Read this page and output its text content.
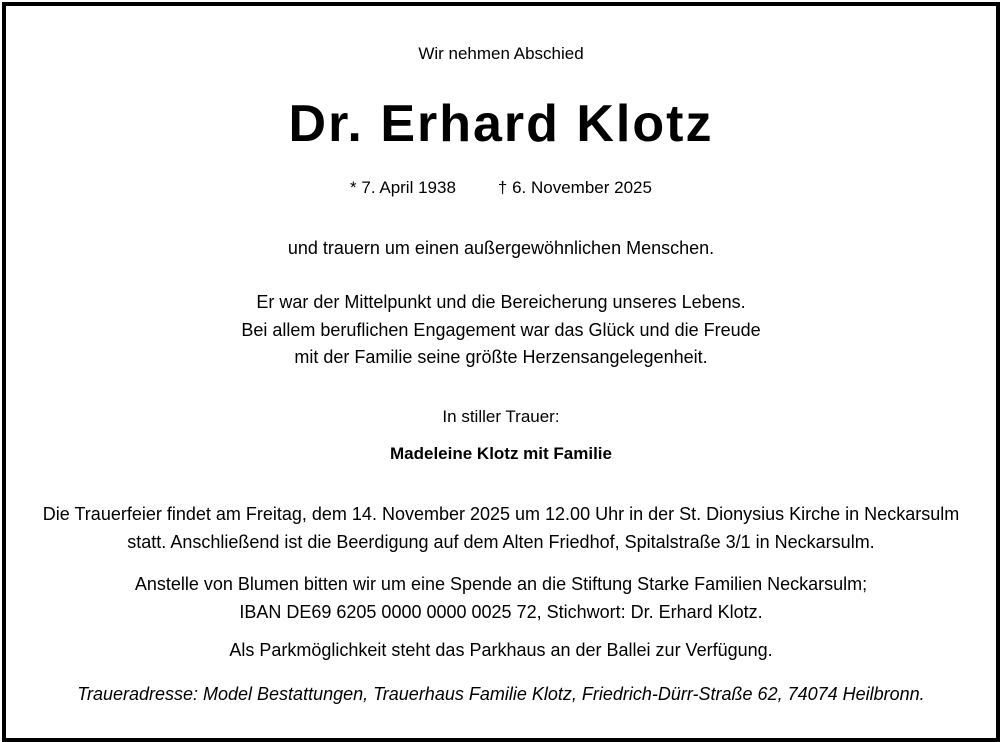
Wir nehmen Abschied
Dr. Erhard Klotz
* 7. April 1938 † 6. November 2025
und trauern um einen außergewöhnlichen Menschen.
Er war der Mittelpunkt und die Bereicherung unseres Lebens.
Bei allem beruflichen Engagement war das Glück und die Freude
mit der Familie seine größte Herzensangelegenheit.
In stiller Trauer:
Madeleine Klotz mit Familie
Die Trauerfeier findet am Freitag, dem 14. November 2025 um 12.00 Uhr in der St. Dionysius Kirche in Neckarsulm
statt. Anschließend ist die Beerdigung auf dem Alten Friedhof, Spitalstraße 3/1 in Neckarsulm.
Anstelle von Blumen bitten wir um eine Spende an die Stiftung Starke Familien Neckarsulm;
IBAN DE69 6205 0000 0000 0025 72, Stichwort: Dr. Erhard Klotz.
Als Parkmöglichkeit steht das Parkhaus an der Ballei zur Verfügung.
Traueradresse: Model Bestattungen, Trauerhaus Familie Klotz, Friedrich-Dürr-Straße 62, 74074 Heilbronn.
